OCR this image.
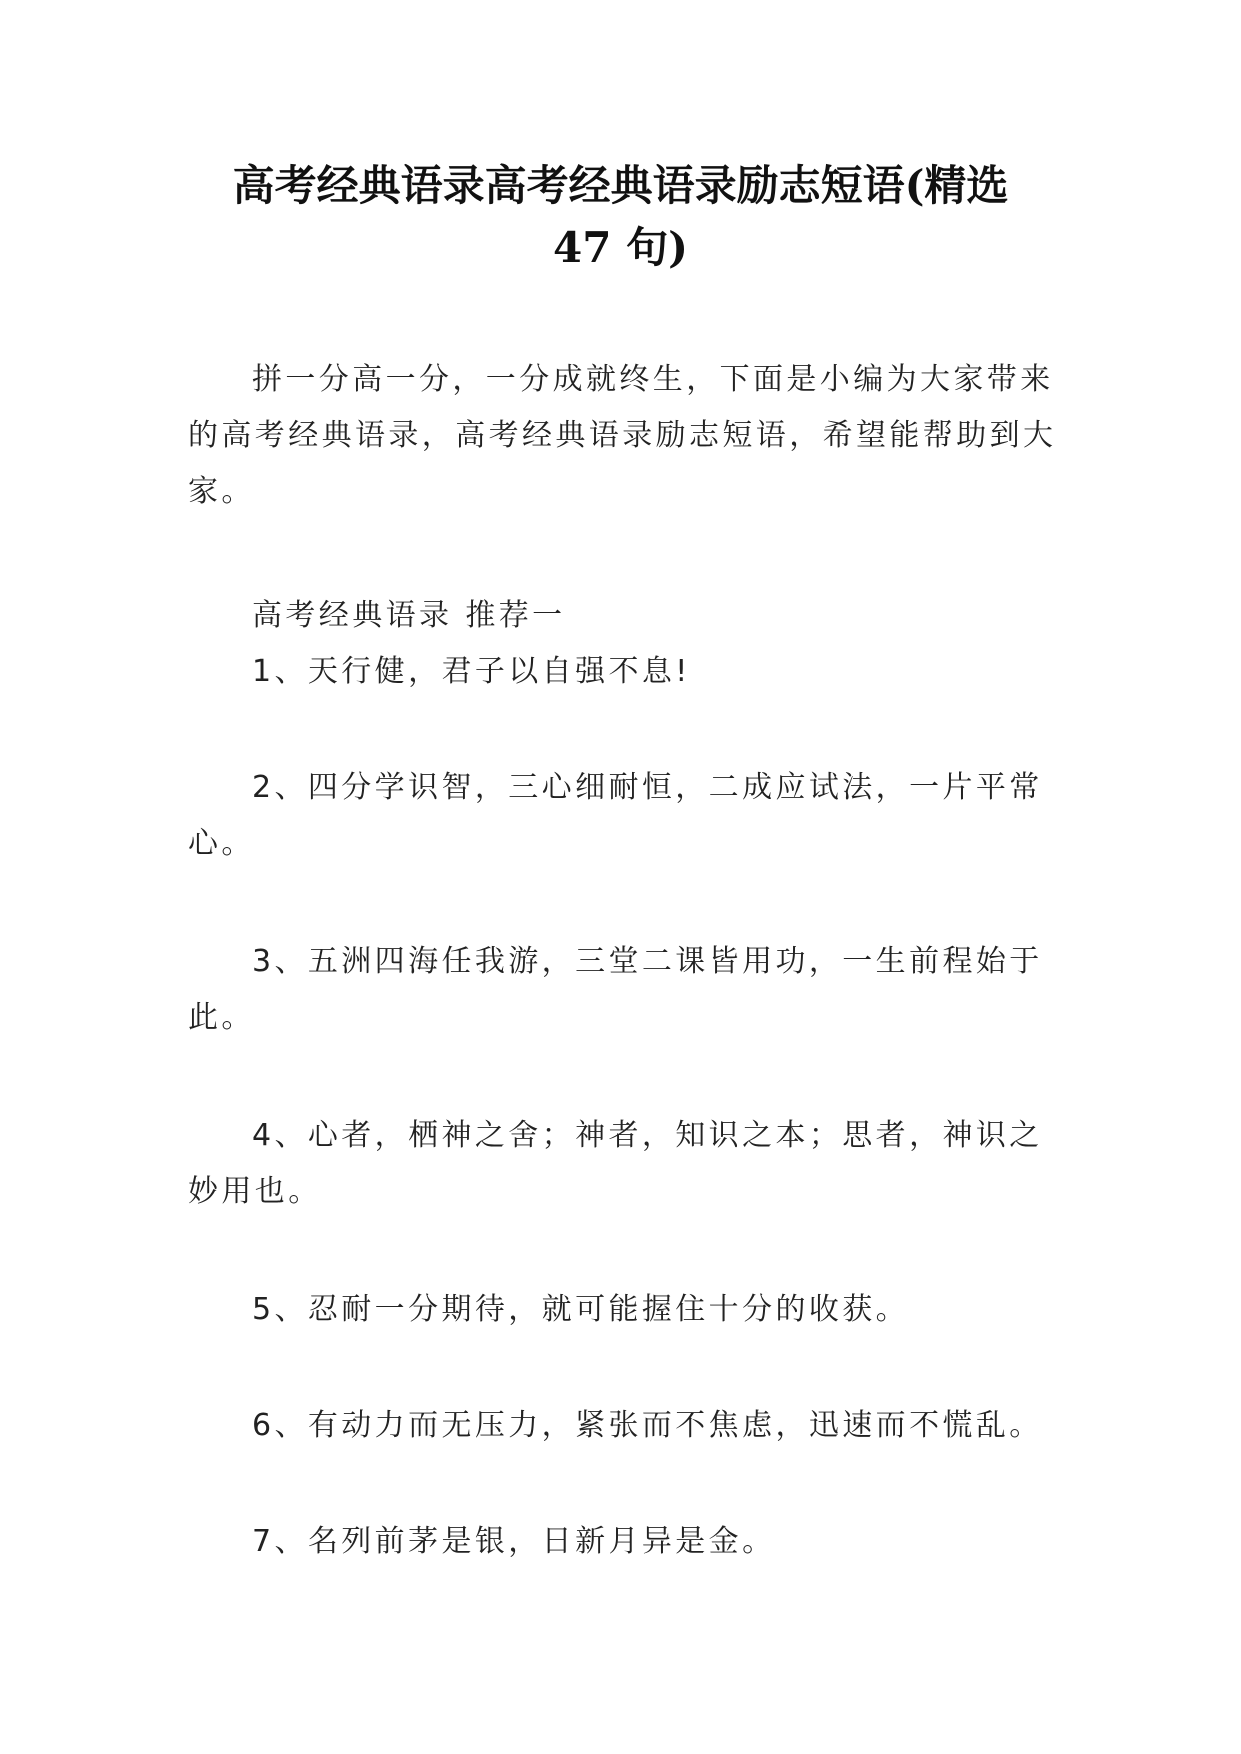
高考经典语录高考经典语录励志短语(精选
47 句)

拼一分高一分，一分成就终生，下面是小编为大家带来

的高考经典语录，高考经典语录励志短语，希望能帮助到大

家。

高考经典语录 推荐一

1、天行健，君子以自强不息!

2、四分学识智，三心细耐恒，二成应试法，一片平常

心。

3、五洲四海任我游，三堂二课皆用功，一生前程始于

此。

4、心者，栖神之舍；神者，知识之本；思者，神识之

妙用也。

5、忍耐一分期待，就可能握住十分的收获。

6、有动力而无压力，紧张而不焦虑，迅速而不慌乱。

7、名列前茅是银，日新月异是金。
